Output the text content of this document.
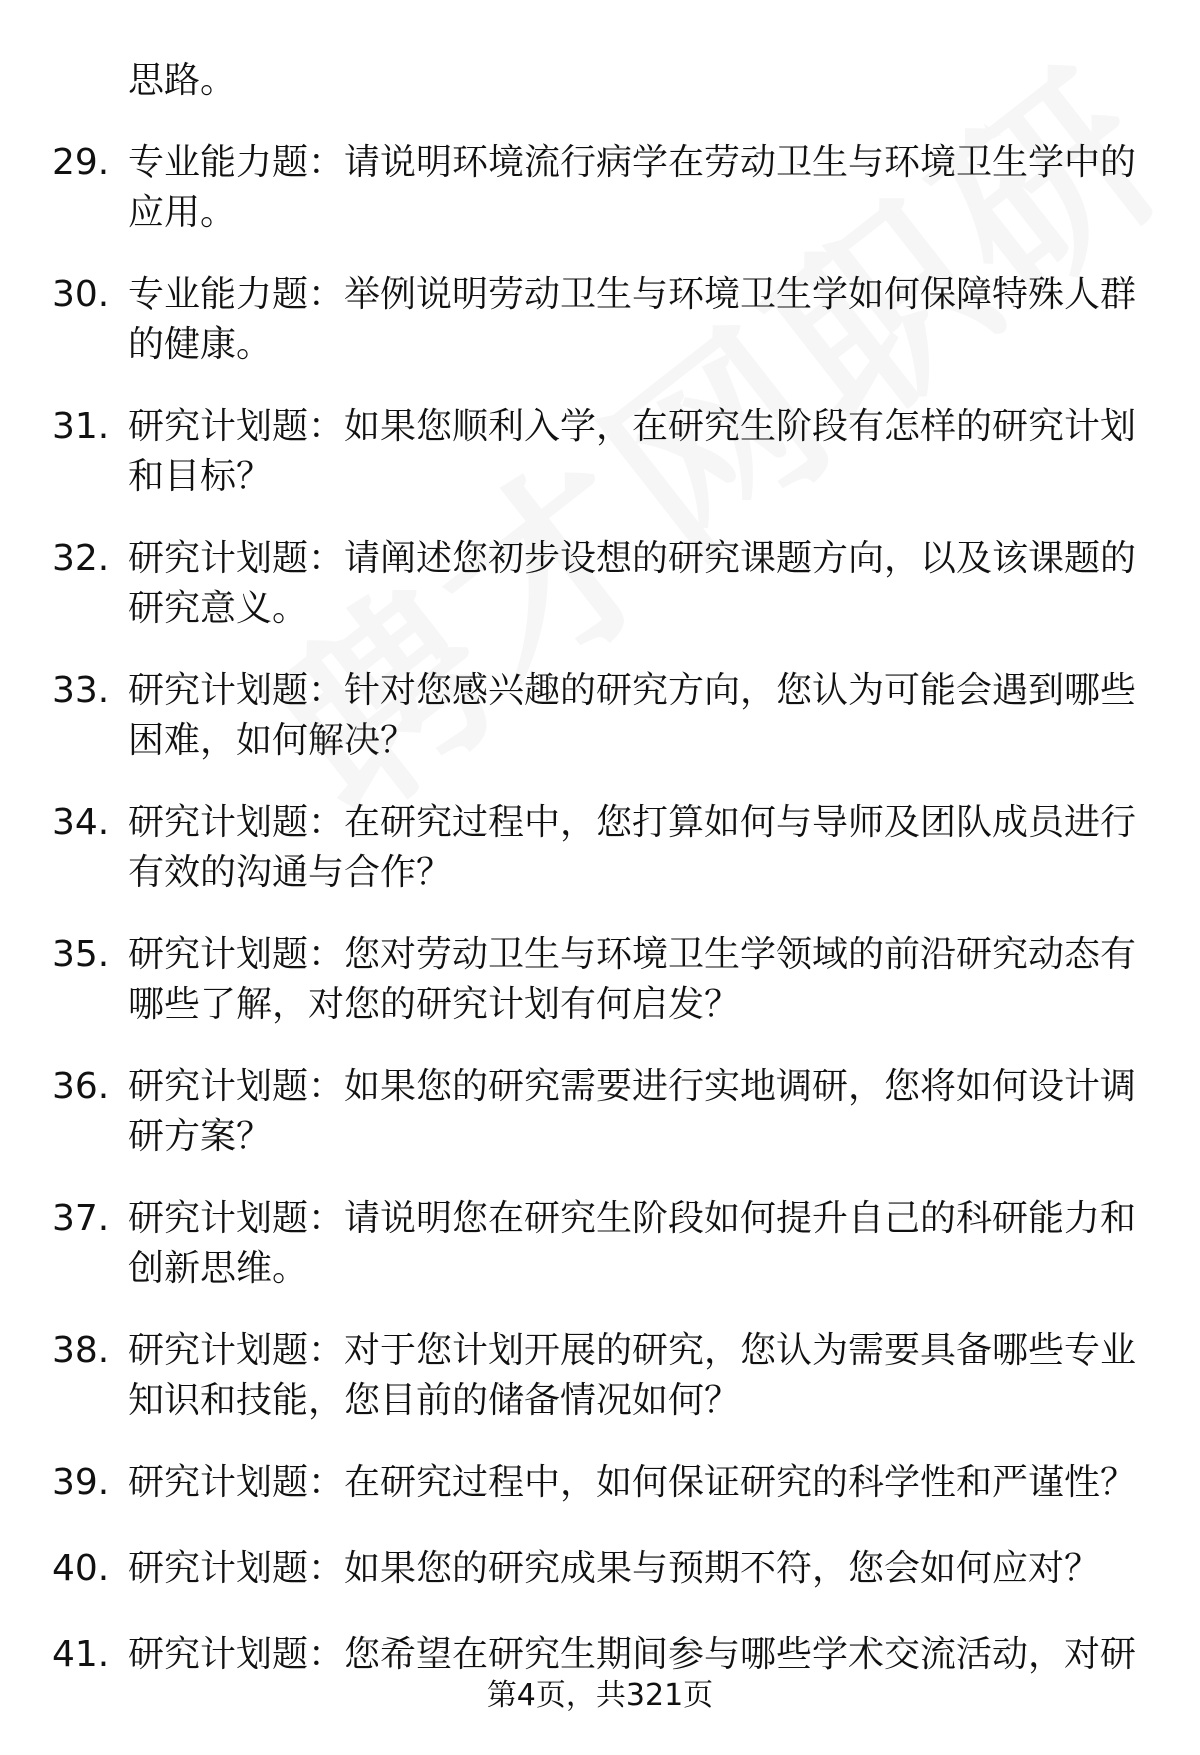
思路。
29. 专业能力题：请说明环境流行病学在劳动卫生与环境卫生学中的
应用。
30. 专业能力题：举例说明劳动卫生与环境卫生学如何保障特殊人群
的健康。
31. 研究计划题：如果您顺利入学，在研究生阶段有怎样的研究计划
和目标？
32. 研究计划题：请阐述您初步设想的研究课题方向，以及该课题的
研究意义。
33. 研究计划题：针对您感兴趣的研究方向，您认为可能会遇到哪些
困难，如何解决？
34. 研究计划题：在研究过程中，您打算如何与导师及团队成员进行
有效的沟通与合作？
35. 研究计划题：您对劳动卫生与环境卫生学领域的前沿研究动态有
哪些了解，对您的研究计划有何启发？
36. 研究计划题：如果您的研究需要进行实地调研，您将如何设计调
研方案？
37. 研究计划题：请说明您在研究生阶段如何提升自己的科研能力和
创新思维。
38. 研究计划题：对于您计划开展的研究，您认为需要具备哪些专业
知识和技能，您目前的储备情况如何？
39. 研究计划题：在研究过程中，如何保证研究的科学性和严谨性？
40. 研究计划题：如果您的研究成果与预期不符，您会如何应对？
41. 研究计划题：您希望在研究生期间参与哪些学术交流活动，对研
第4页，共321页
